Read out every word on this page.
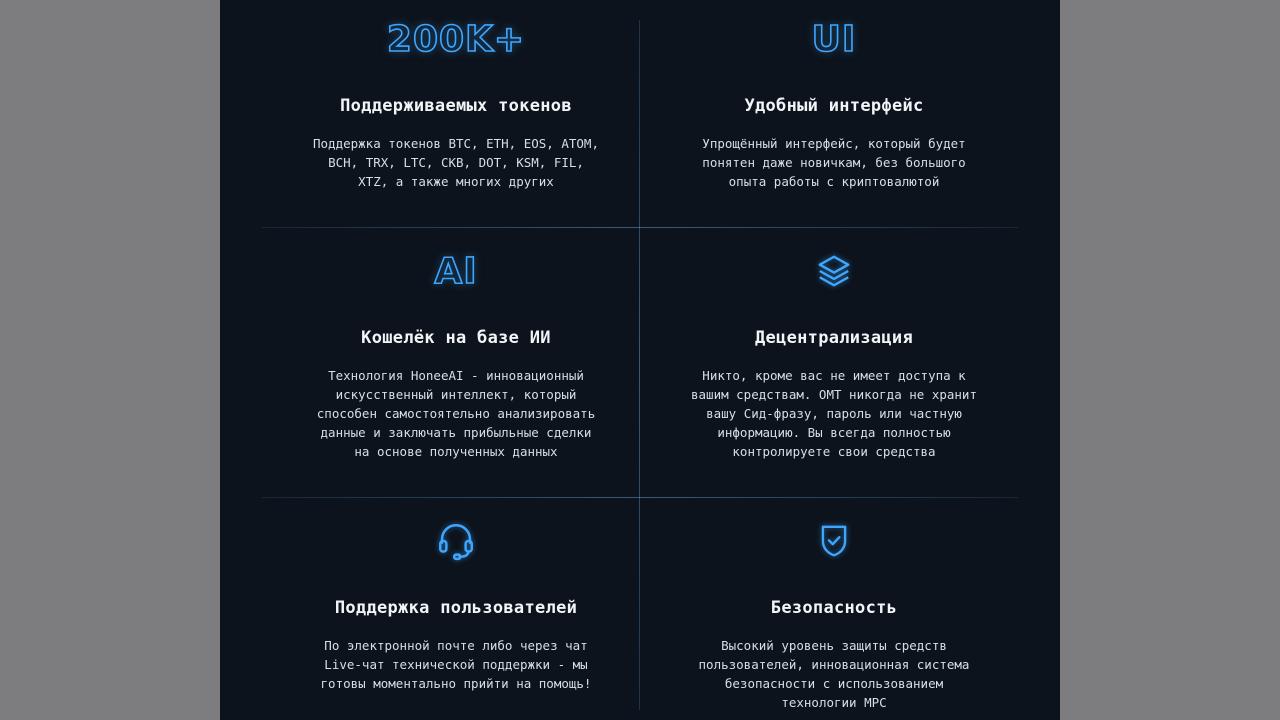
200K+
Поддерживаемых токенов
Поддержка токенов BTC, ETH, EOS, ATOM, BCH, TRX, LTC, CKB, DOT, KSM, FIL, XTZ, а также многих других
UI
Удобный интерфейс
Упрощённый интерфейс, который будет понятен даже новичкам, без большого опыта работы с криптовалютой
AI
Кошелёк на базе ИИ
Технология HoneeAI - инновационный искусственный интеллект, который способен самостоятельно анализировать данные и заключать прибыльные сделки на основе полученных данных
Децентрализация
Никто, кроме вас не имеет доступа к вашим средствам. OMT никогда не хранит вашу Сид-фразу, пароль или частную информацию. Вы всегда полностью контролируете свои средства
Поддержка пользователей
По электронной почте либо через чат Live-чат технической поддержки - мы готовы моментально прийти на помощь!
Безопасность
Высокий уровень защиты средств пользователей, инновационная система безопасности с использованием технологии MPC
